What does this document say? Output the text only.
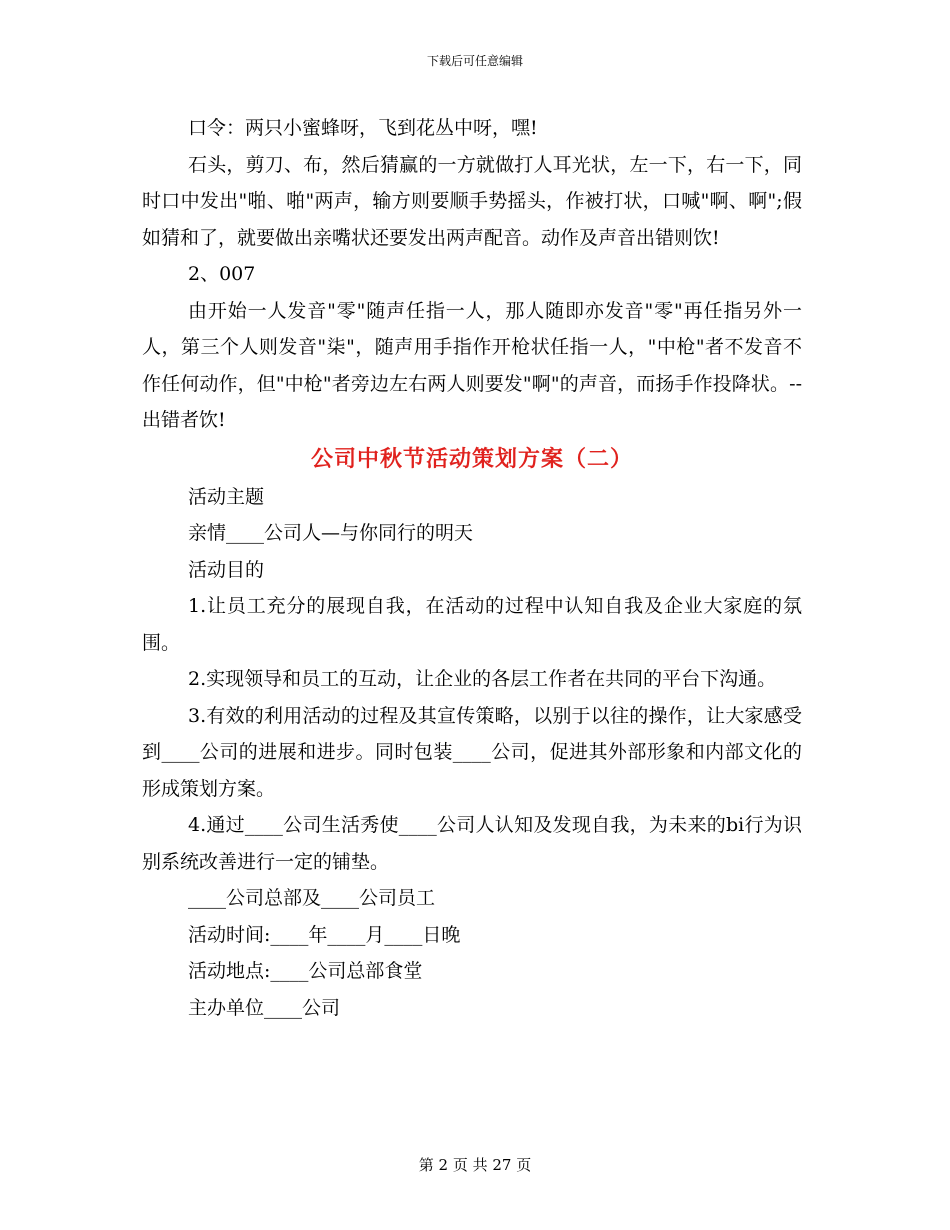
下载后可任意编辑

口令：两只小蜜蜂呀，飞到花丛中呀，嘿!

石头，剪刀、布，然后猜赢的一方就做打人耳光状，左一下，右一下，同时口中发出"啪、啪"两声，输方则要顺手势摇头，作被打状，口喊"啊、啊";假如猜和了，就要做出亲嘴状还要发出两声配音。动作及声音出错则饮!

2、007

由开始一人发音"零"随声任指一人，那人随即亦发音"零"再任指另外一人，第三个人则发音"柒"，随声用手指作开枪状任指一人，"中枪"者不发音不作任何动作，但"中枪"者旁边左右两人则要发"啊"的声音，而扬手作投降状。--出错者饮!

公司中秋节活动策划方案（二）

活动主题

亲情____公司人—与你同行的明天

活动目的

1.让员工充分的展现自我，在活动的过程中认知自我及企业大家庭的氛围。

2.实现领导和员工的互动，让企业的各层工作者在共同的平台下沟通。

3.有效的利用活动的过程及其宣传策略，以别于以往的操作，让大家感受到____公司的进展和进步。同时包装____公司，促进其外部形象和内部文化的形成策划方案。

4.通过____公司生活秀使____公司人认知及发现自我，为未来的bi行为识别系统改善进行一定的铺垫。

____公司总部及____公司员工

活动时间:____年____月____日晚

活动地点:____公司总部食堂

主办单位____公司

第 2 页 共 27 页
